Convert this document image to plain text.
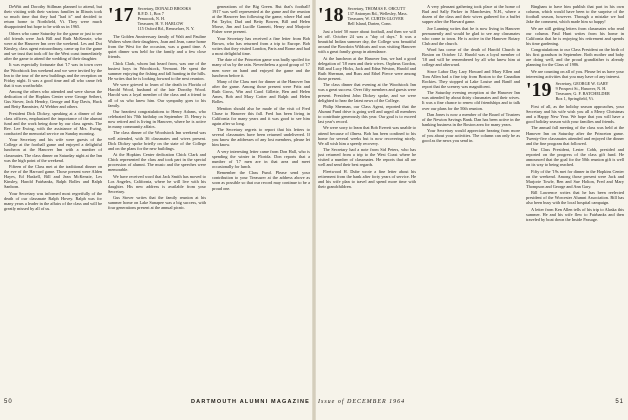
DeWitt and Dorothy Stillman planned to attend, but their visiting with their various families in Illinois took so much time that they had "had it" and decided to return home to Northfield, Vt. They were much disappointed but hope to be with us in 1965.

Others who came Saturday for the game or just to see old friends were Jack Bill and Ruth McKenzie, who were at the Hanover Inn over the weekend. Les and Dot Kinsley, class agent extraordinary, came up for the game and we trust that took off for the West coast immediately after the game to attend the wedding of their daughter.

It was especially fortunate that '17 was in town over the Woodstock Inn weekend and we were invited by the Inn to the tour of the new buildings and the reception on Friday night. It was a good time and all who came felt that it was worthwhile.

Among the others who attended and were shown the dedication of the Hopkins Center were George Seibert, Gus Stover, Jack Hendry, George and Kay Davis, Huck and Betty Bannister, Al Webber and others.

President Dick Dickey, speaking at a dinner of the class officers, emphasized the importance of the alumni fund and the work being done by our class agents. The Rev. Lee Ewing, with the assistance of Mrs. Ewing, conducted the memorial service on Sunday morning.

Your Secretary and his wife were guests of the College at the football game and enjoyed a delightful luncheon at the Hanover Inn with a number of classmates. The class dinner on Saturday night at the Inn was the high point of the weekend.

Fifteen of the Class met at the traditional dinner on the eve of the Harvard game. Those present were Alden Hayes, Ed Haskell, Bill and Jean McKenzie, Les Kinsley, Harold Fairbanks, Ralph Bolles and Ralph Sanborn.

Your Secretary was informed most regretfully of the death of our classmate Ralph Hovey. Ralph was for many years a leader in the affairs of the class and will be greatly missed by all of us.

'17 Secretary, DONALD BROOKS
R.F.D. 1, Box 7
Penacook, N. H.
Treasurer, H. V. HARLOW
115 Oxford Rd., Rensselaer, N. Y.

The Golden Anniversary family of Walt and Pauline Walters when their daughters, Joan and Jean, came home from the West for the occasion, was a grand time. A quiet dinner was held for the family and a few close friends.

Chick Clark, whom last heard from, was one of the busiest boys in Woodstock, Vermont. He spent the summer enjoying the fishing and fall hunting in the hills. He writes that he is looking forward to the next reunion.

We were grieved to learn of the death in Florida of Harold Wood, husband of the late Dorothy Wood. Harold was a loyal member of the class and a friend to all of us who knew him. Our sympathy goes to his family.

Our heartiest congratulations to Henry Adams, who celebrated his 70th birthday on September 15. Henry is now retired and is living in Hanover, where he is active in many community affairs.

The class dinner of the Woodstock Inn weekend was well attended, with 36 classmates and wives present. Dick Dickey spoke briefly on the state of the College and on the plans for the new buildings.

At the Hopkins Center dedication Chick Clark and Chick represented the class and took part in the special procession of alumni. The music and the speeches were memorable.

We have received word that Jack Smith has moved to Los Angeles, California, where he will live with his daughter. His new address is available from your Secretary.

Gus Stover writes that the family reunion at his summer home on Lake Sunapee was a big success, with four generations present at the annual picnic.

generations of the Big Green. But that's football! 1917 was well represented at the game and the reunion at the Hanover Inn following the game, where Hal and Pat Taylor, Dud and Betty Bowen, Bill and Helen Morse, Jim and Lucille Gannett, Henry and Marjorie Fisher were present.

Your Secretary has received a fine letter from Bob Brown, who has returned from a trip to Europe. Bob writes that they visited London, Paris and Rome and had a most delightful time.

The date of the Princeton game was badly spoiled for many of us by the rain. Nevertheless a good group of '17 men were on hand and enjoyed the game and the luncheon before it.

Many of the Class met for dinner at the Hanover Inn after the game. Among those present were Fritz and Ruth Gross, Win and Carol Gillette, Ben and Helen Ames, Bob and Mary Cotter and Ralph and Helen Bolles.

Mention should also be made of the visit of Fred Chase to Hanover this fall. Fred has been living in California for many years and it was good to see him again after so long.

The Secretary regrets to report that his letters to several classmates have been returned undelivered. If you know the addresses of any lost members, please let him know.

A very interesting letter came from Don Hall, who is spending the winter in Florida. Don reports that a number of '17 men are in that area and meet occasionally for lunch.

Remember the Class Fund. Please send your contribution to your Treasurer at the address above as soon as possible so that our record may continue to be a proud one.

50	DARTMOUTH ALUMNI MAGAZINE
'18 Secretary, THOMAS E. ORCUTT
137 Antonym Rd., Wellesley, Mass.
Treasurer, W. CURTIS GLOVER
Bell Island, Darien, Conn.

Just a brief 50 more about football, and then we will let off. October 24 was a "day of days." It was a beautiful Indian summer day, the College was beautiful around the Bowdoin Wildcats and was visiting Hanover with a great family group in attendance.

At the luncheon at the Hanover Inn, we had a good delegation of '18 men and their wives. Orpheus Gordon, Bill and Lucy Hicks, Jack and Edna Weston, Harold and Ruth Sherman, and Russ and Ethel Pierce were among those present.

The class dinner that evening at the Woodstock Inn was a great success. Over fifty members and guests were present. President John Dickey spoke, and we were delighted to hear the latest news of the College.

Philip Sherman, our Class Agent, reported that the Alumni Fund drive is going well and urged all members to contribute generously this year. Our goal is to exceed last year's record.

We were sorry to learn that Bob Everett was unable to attend because of illness. Bob has been confined to his home for several weeks but is now recovering nicely. We all wish him a speedy recovery.

The Secretary had a note from Sid Peters, who has just returned from a trip to the West Coast where he visited a number of classmates. He reports that all are well and send their best regards.

Fleetwood H. Dube wrote a fine letter about his retirement from the bank after forty years of service. He and his wife plan to travel and spend more time with their grandchildren.

A very pleasant gathering took place at the home of Bud and Sally Parker in Manchester, N.H., where a dozen of the class and their wives gathered for a buffet supper after the Harvard game.

Joe Lanning writes that he is now living in Hanover permanently and would be glad to see any classmates who come to town. He is active in the Hanover Rotary Club and the church.

Word has come of the death of Harold Church in Boston on October 12. Harold was a loyal member of '18 and will be remembered by all who knew him at college and afterward.

Since Labor Day Lary Howard and Mary Ellen and Tom Allen had a fine trip from Boston to the Canadian Rockies. They stopped at Lake Louise and Banff and report that the scenery was magnificent.

The Saturday evening reception at the Hanover Inn was attended by about thirty classmates and their wives. It was a fine chance to renew old friendships and to talk over our plans for the 50th reunion.

Dan Jones is now a member of the Board of Trustees of the Newton Savings Bank. Dan has been active in the banking business in the Boston area for many years.

Your Secretary would appreciate hearing from more of you about your activities. The column can only be as good as the news you send in.

Bingham to have him publish that part in his own column, which would have been to the surprise of the football season, however. Through a mistake we had Jake the comment, which made him so happy!

We are still getting letters from classmates who read our column. Paul Hunt writes from his home in California that he is enjoying his retirement and spends his time gardening.

Congratulations to our Class President on the birth of his first grandson in September. Both mother and baby are doing well, and the proud grandfather is already planning for the Class of 1986.

We are counting on all of you. Please let us have your interesting activities that you may have of any interest.

'19 Secretary, GEORGE W. GARY
9 Prospect St., Hanover, N. H.
Treasurer, G. F. BATCHELDER
Box 1, Springfield, Vt.

First of all, as the holiday season approaches, your Secretary and his wife wish you all a Merry Christmas and a Happy New Year. We hope that you will have a good holiday season with your families and friends.

The annual fall meeting of the class was held at the Hanover Inn on Saturday after the Princeton game. Twenty-five classmates attended and enjoyed the dinner and the fine program that followed.

Our Class President, Lester Cobb, presided and reported on the progress of the class gift fund. He announced that the goal for the 50th reunion gift is well on its way to being reached.

Fifty of the '19s met for dinner in the Hopkins Center on the weekend. Among those present were Jack and Marjorie Towle, Ben and Sue Holton, Fred and Mary Thompson and George and Ann Gary.

Bill Lawrence writes that he has been reelected president of the Worcester Alumni Association. Bill has also been busy with the local hospital campaign.

A letter from Ken Allen tells of his trip to Alaska this summer. He and his wife flew to Fairbanks and then traveled by boat down the Inside Passage.

Issue of DECEMBER 1964	51
